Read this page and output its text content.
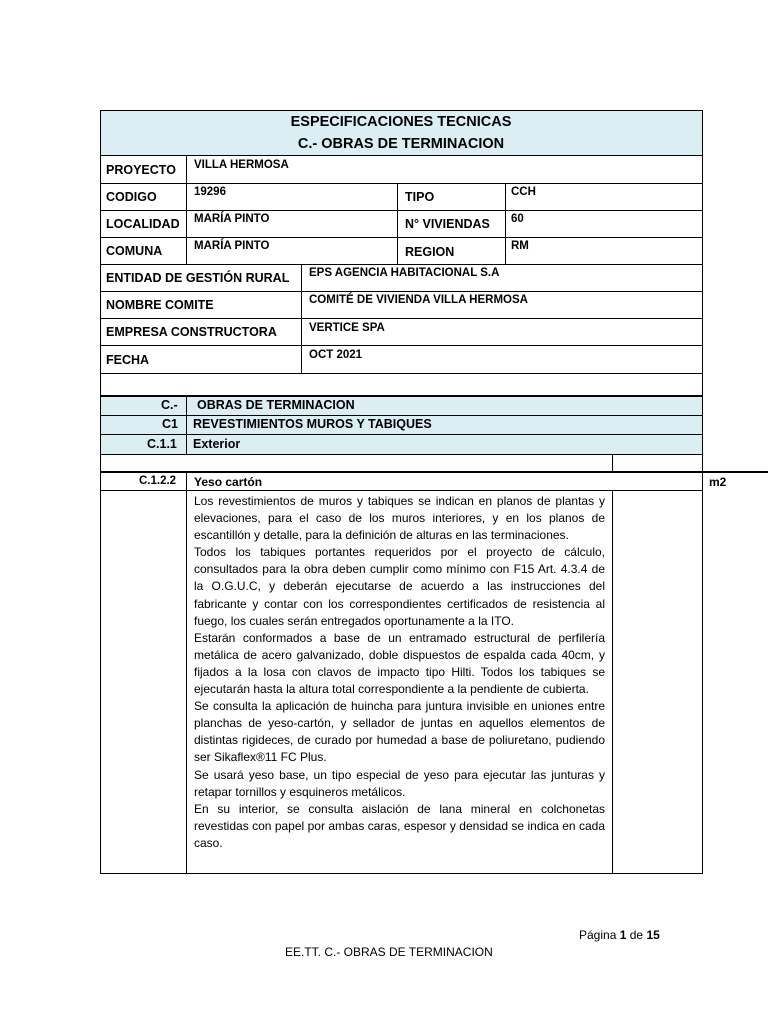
ESPECIFICACIONES TECNICAS
C.- OBRAS DE TERMINACION
PROYECTO VILLA HERMOSA
CODIGO	19296	TIPO	CCH
LOCALIDAD MARÍA PINTO	N° VIVIENDAS 60
COMUNA	MARÍA PINTO	REGION	RM
ENTIDAD DE GESTIÓN RURAL EPS AGENCIA HABITACIONAL S.A
NOMBRE COMITE	COMITÉ DE VIVIENDA VILLA HERMOSA
EMPRESA CONSTRUCTORA	VERTICE SPA
FECHA	OCT 2021
C.- OBRAS DE TERMINACION
C1 REVESTIMIENTOS MUROS Y TABIQUES
C.1.1 Exterior
C.1.2.2 Yeso cartón	m2

Los revestimientos de muros y tabiques se indican en planos de plantas y elevaciones, para el caso de los muros interiores, y en los planos de escantillón y detalle, para la definición de alturas en las terminaciones.

Todos los tabiques portantes requeridos por el proyecto de cálculo, consultados para la obra deben cumplir como mínimo con F15 Art. 4.3.4 de la O.G.U.C, y deberán ejecutarse de acuerdo a las instrucciones del fabricante y contar con los correspondientes certificados de resistencia al fuego, los cuales serán entregados oportunamente a la ITO.

Estarán conformados a base de un entramado estructural de perfilería metálica de acero galvanizado, doble dispuestos de espalda cada 40cm, y fijados a la losa con clavos de impacto tipo Hilti. Todos los tabiques se ejecutarán hasta la altura total correspondiente a la pendiente de cubierta.

Se consulta la aplicación de huincha para juntura invisible en uniones entre planchas de yeso-cartón, y sellador de juntas en aquellos elementos de distintas rigideces, de curado por humedad a base de poliuretano, pudiendo ser Sikaflex®11 FC Plus.

Se usará yeso base, un tipo especial de yeso para ejecutar las junturas y retapar tornillos y esquineros metálicos.

En su interior, se consulta aislación de lana mineral en colchonetas revestidas con papel por ambas caras, espesor y densidad se indica en cada caso.

Página 1 de 15
EE.TT. C.- OBRAS DE TERMINACION
